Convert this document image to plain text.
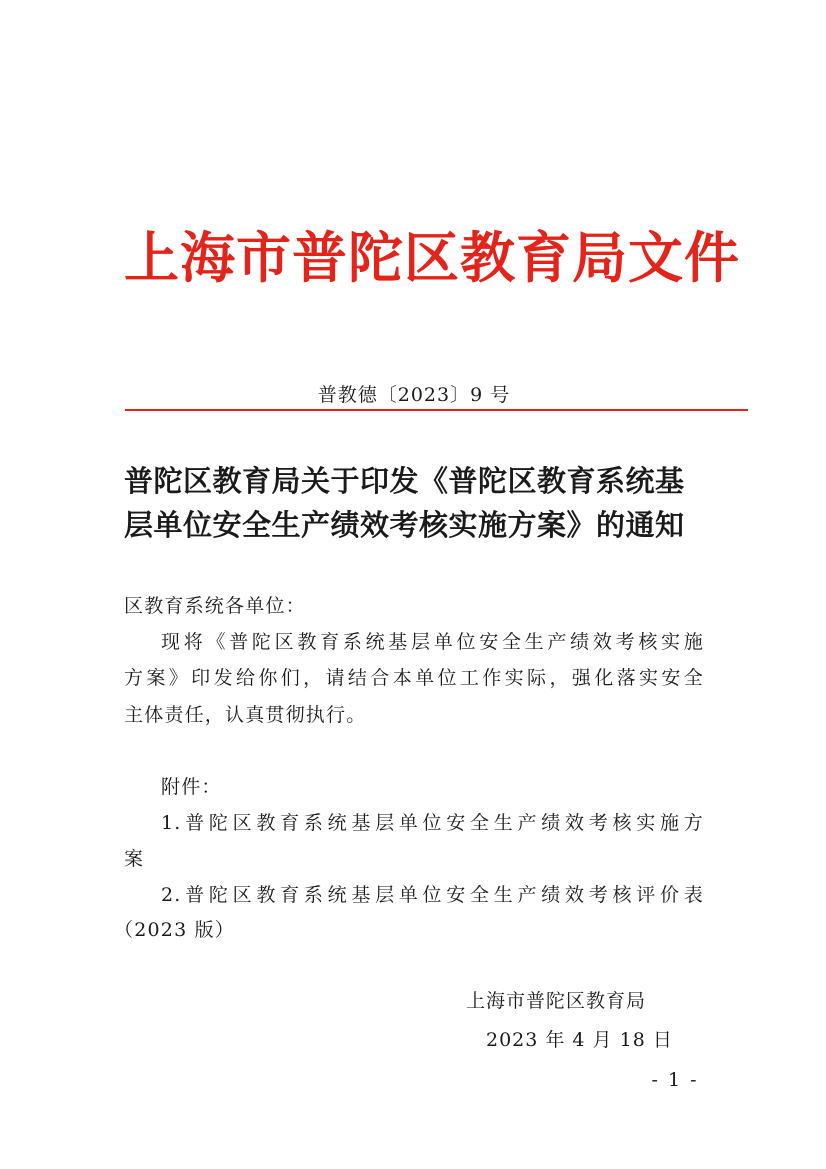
上海市普陀区教育局文件
普教德〔2023〕9 号
普陀区教育局关于印发《普陀区教育系统基
层单位安全生产绩效考核实施方案》的通知
区教育系统各单位：
现将《普陀区教育系统基层单位安全生产绩效考核实施
方案》印发给你们，请结合本单位工作实际，强化落实安全
主体责任，认真贯彻执行。
附件：
1.普陀区教育系统基层单位安全生产绩效考核实施方
案
2.普陀区教育系统基层单位安全生产绩效考核评价表
（2023 版）
上海市普陀区教育局
2023 年 4 月 18 日
- 1 -
